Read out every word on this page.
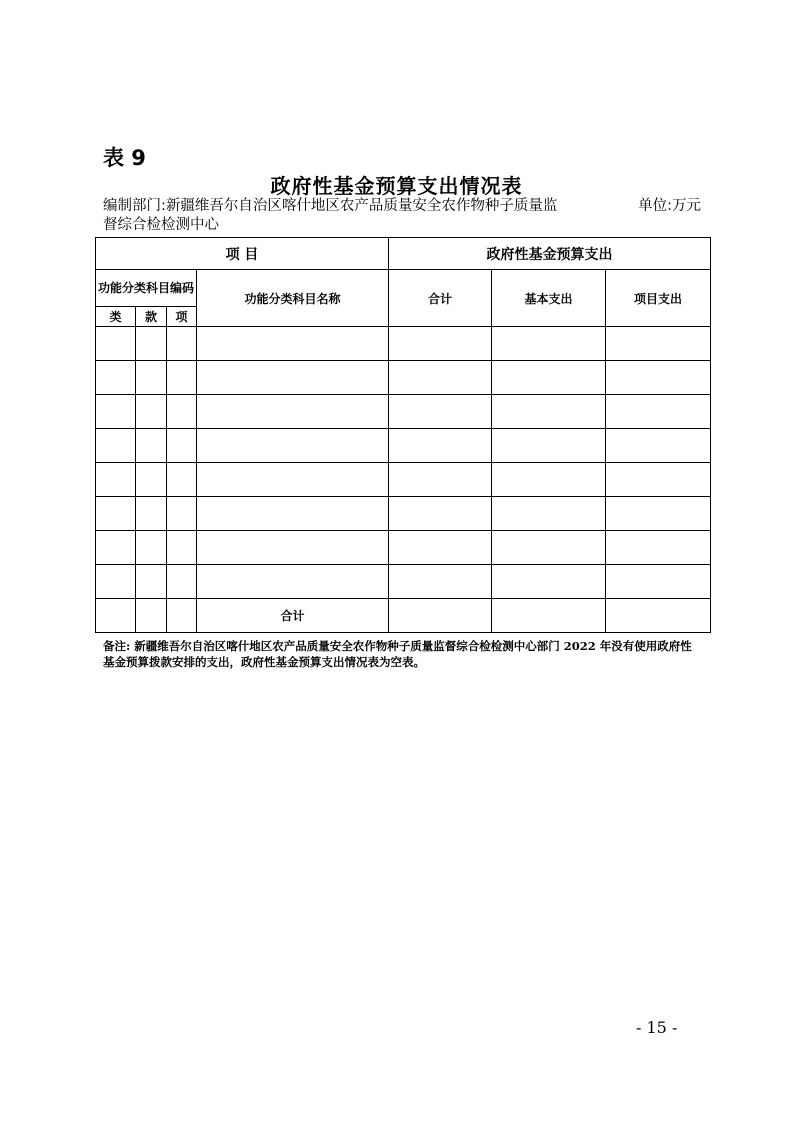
表 9
政府性基金预算支出情况表
编制部门:新疆维吾尔自治区喀什地区农产品质量安全农作物种子质量监	单位:万元
督综合检检测中心
项 目				政府性基金预算支出		
功能分类科目编码			功能分类科目名称	合计	基本支出	项目支出
类	款	项				

			合计			
备注: 新疆维吾尔自治区喀什地区农产品质量安全农作物种子质量监督综合检检测中心部门 2022 年没有使用政府性基金预算拨款安排的支出，政府性基金预算支出情况表为空表。
- 15 -
